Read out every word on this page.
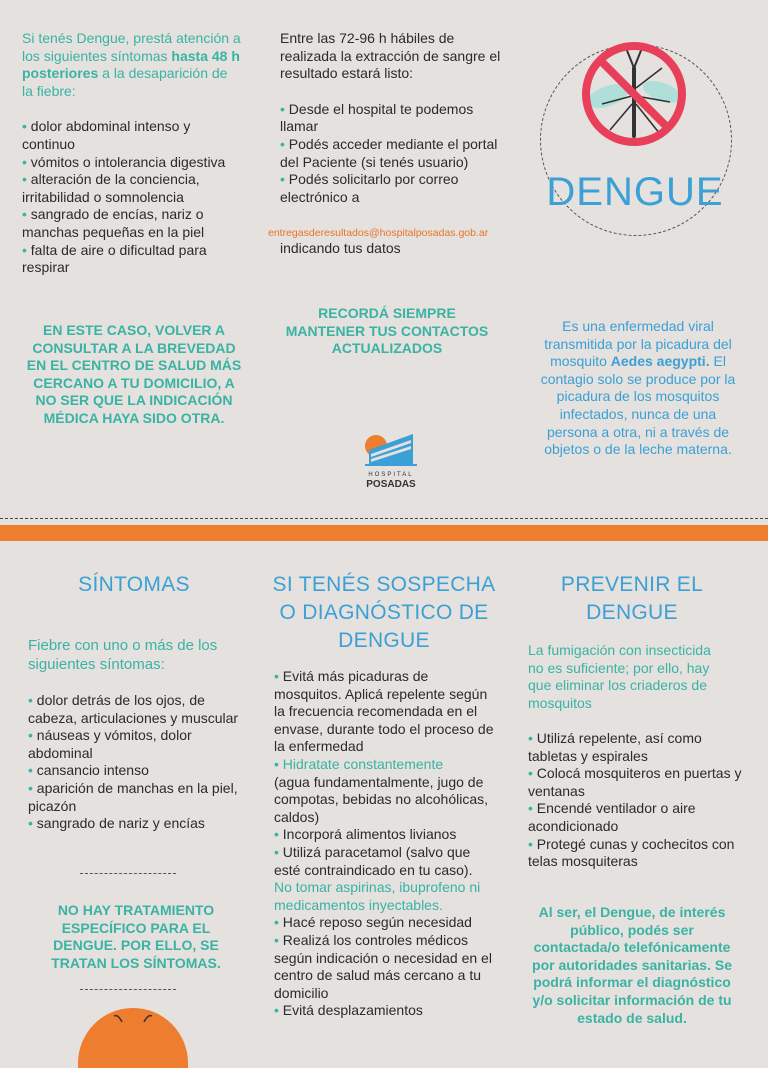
Si tenés Dengue, prestá atención a los siguientes síntomas hasta 48 h posteriores a la desaparición de la fiebre:

• dolor abdominal intenso y continuo
• vómitos o intolerancia digestiva
• alteración de la conciencia, irritabilidad o somnolencia
• sangrado de encías, nariz o manchas pequeñas en la piel
• falta de aire o dificultad para respirar
EN ESTE CASO, VOLVER A CONSULTAR A LA BREVEDAD EN EL CENTRO DE SALUD MÁS CERCANO A TU DOMICILIO, A NO SER QUE LA INDICACIÓN MÉDICA HAYA SIDO OTRA.

Entre las 72-96 h hábiles de realizada la extracción de sangre el resultado estará listo:

• Desde el hospital te podemos llamar
• Podés acceder mediante el portal del Paciente (si tenés usuario)
• Podés solicitarlo por correo electrónico a
entregasderesultados@hospitalposadas.gob.ar
indicando tus datos
RECORDÁ SIEMPRE MANTENER TUS CONTACTOS ACTUALIZADOS
HOSPITAL
POSADAS
DENGUE

Es una enfermedad viral transmitida por la picadura del mosquito Aedes aegypti. El contagio solo se produce por la picadura de los mosquitos infectados, nunca de una persona a otra, ni a través de objetos o de la leche materna.

SÍNTOMAS

Fiebre con uno o más de los siguientes síntomas:

• dolor detrás de los ojos, de cabeza, articulaciones y muscular
• náuseas y vómitos, dolor abdominal
• cansancio intenso
• aparición de manchas en la piel, picazón
• sangrado de nariz y encías
NO HAY TRATAMIENTO ESPECÍFICO PARA EL DENGUE. POR ELLO, SE TRATAN LOS SÍNTOMAS.
SI TENÉS SOSPECHA O DIAGNÓSTICO DE DENGUE
• Evitá más picaduras de mosquitos. Aplicá repelente según la frecuencia recomendada en el envase, durante todo el proceso de la enfermedad
• Hidratate constantemente
(agua fundamentalmente, jugo de compotas, bebidas no alcohólicas, caldos)
• Incorporá alimentos livianos
• Utilizá paracetamol (salvo que esté contraindicado en tu caso).
No tomar aspirinas, ibuprofeno ni medicamentos inyectables.
• Hacé reposo según necesidad
• Realizá los controles médicos según indicación o necesidad en el centro de salud más cercano a tu domicilio
• Evitá desplazamientos
PREVENIR EL DENGUE

La fumigación con insecticida no es suficiente; por ello, hay que eliminar los criaderos de mosquitos

• Utilizá repelente, así como tabletas y espirales
• Colocá mosquiteros en puertas y ventanas
• Encendé ventilador o aire acondicionado
• Protegé cunas y cochecitos con telas mosquiteras
Al ser, el Dengue, de interés público, podés ser contactada/o telefónicamente por autoridades sanitarias. Se podrá informar el diagnóstico y/o solicitar información de tu estado de salud.
